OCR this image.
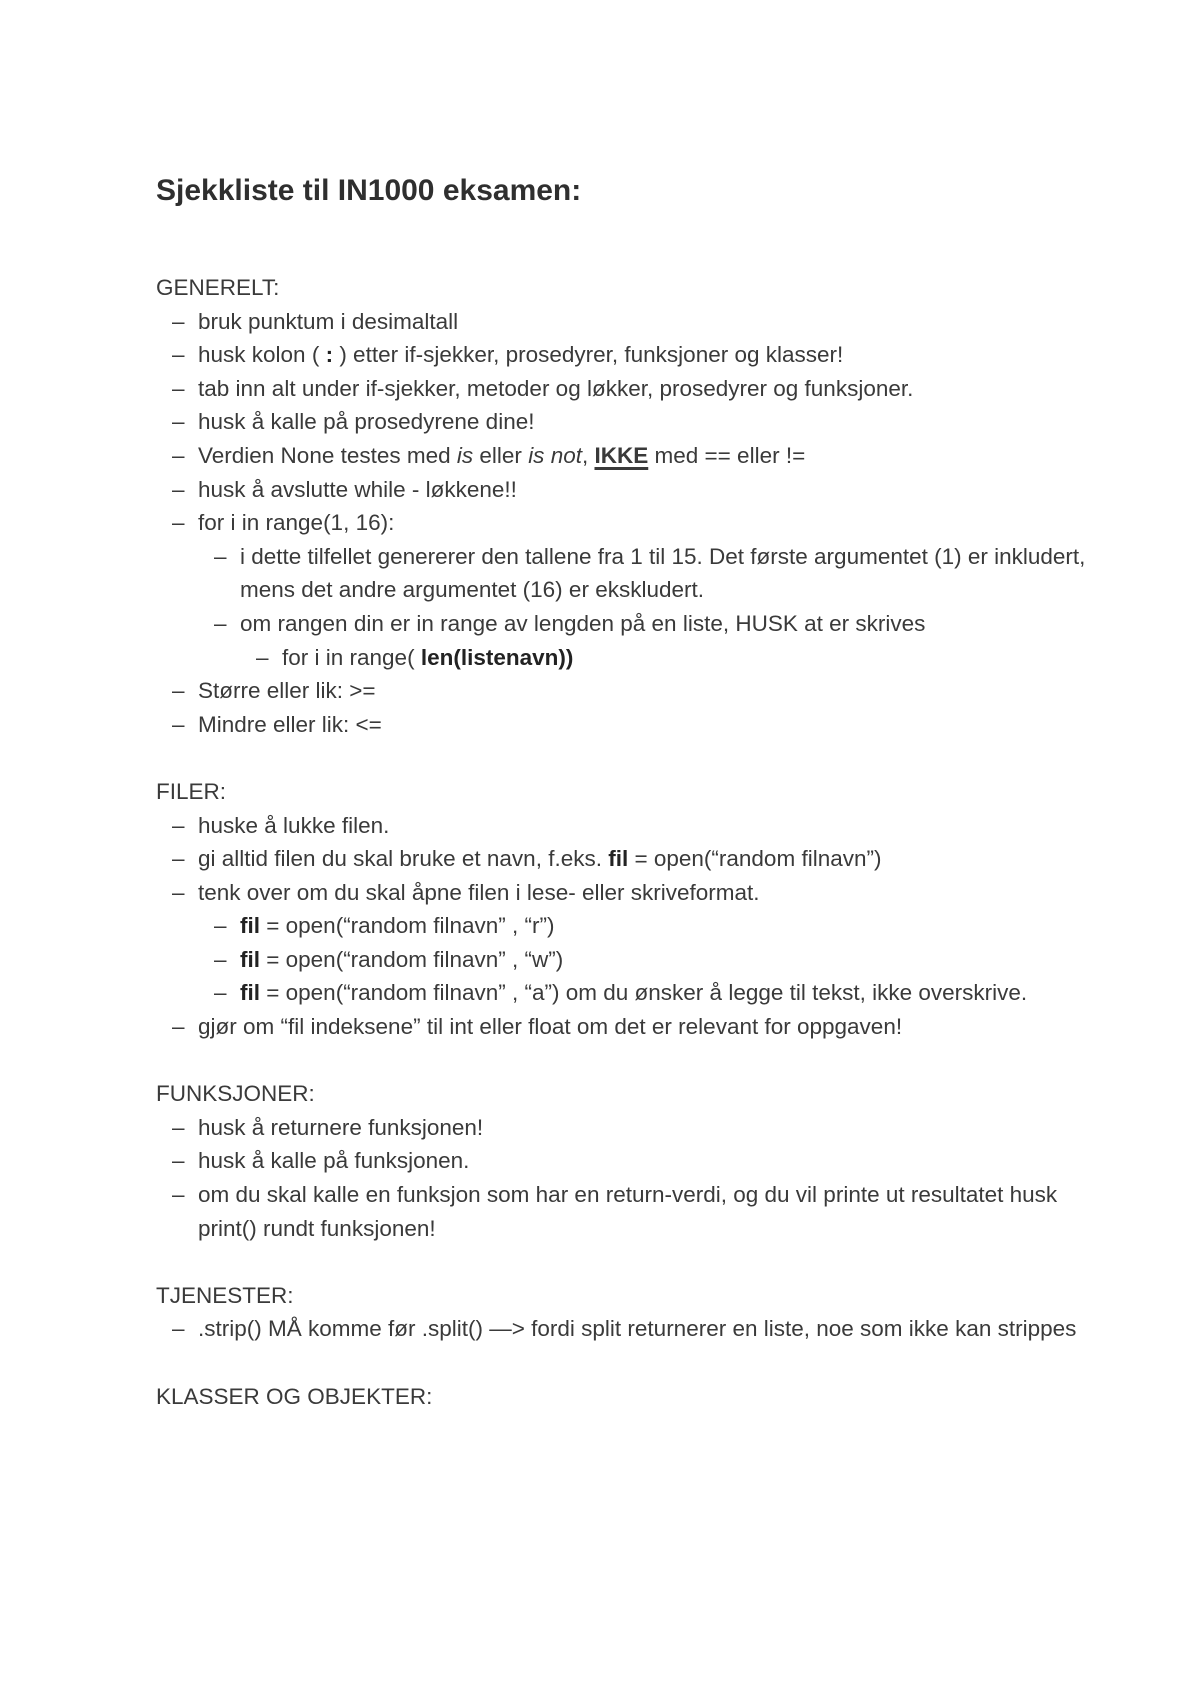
Sjekkliste til IN1000 eksamen:

GENERELT:

– bruk punktum i desimaltall
– husk kolon ( : ) etter if-sjekker, prosedyrer, funksjoner og klasser!
– tab inn alt under if-sjekker, metoder og løkker, prosedyrer og funksjoner.
– husk å kalle på prosedyrene dine!
– Verdien None testes med is eller is not, IKKE med == eller !=
– husk å avslutte while - løkkene!!
– for i in range(1, 16):
– i dette tilfellet genererer den tallene fra 1 til 15. Det første argumentet (1) er inkludert, mens det andre argumentet (16) er ekskludert.
– om rangen din er in range av lengden på en liste, HUSK at er skrives
– for i in range( len(listenavn))
– Større eller lik: >=
– Mindre eller lik: <=

FILER:

– huske å lukke filen.
– gi alltid filen du skal bruke et navn, f.eks. fil = open(“random filnavn”)
– tenk over om du skal åpne filen i lese- eller skriveformat.
– fil = open(“random filnavn” , “r”)
– fil = open(“random filnavn” , “w”)
– fil = open(“random filnavn” , “a”) om du ønsker å legge til tekst, ikke overskrive.
– gjør om “fil indeksene” til int eller float om det er relevant for oppgaven!

FUNKSJONER:

– husk å returnere funksjonen!
– husk å kalle på funksjonen.
– om du skal kalle en funksjon som har en return-verdi, og du vil printe ut resultatet husk print() rundt funksjonen!

TJENESTER:

– .strip() MÅ komme før .split() —> fordi split returnerer en liste, noe som ikke kan strippes

KLASSER OG OBJEKTER:
